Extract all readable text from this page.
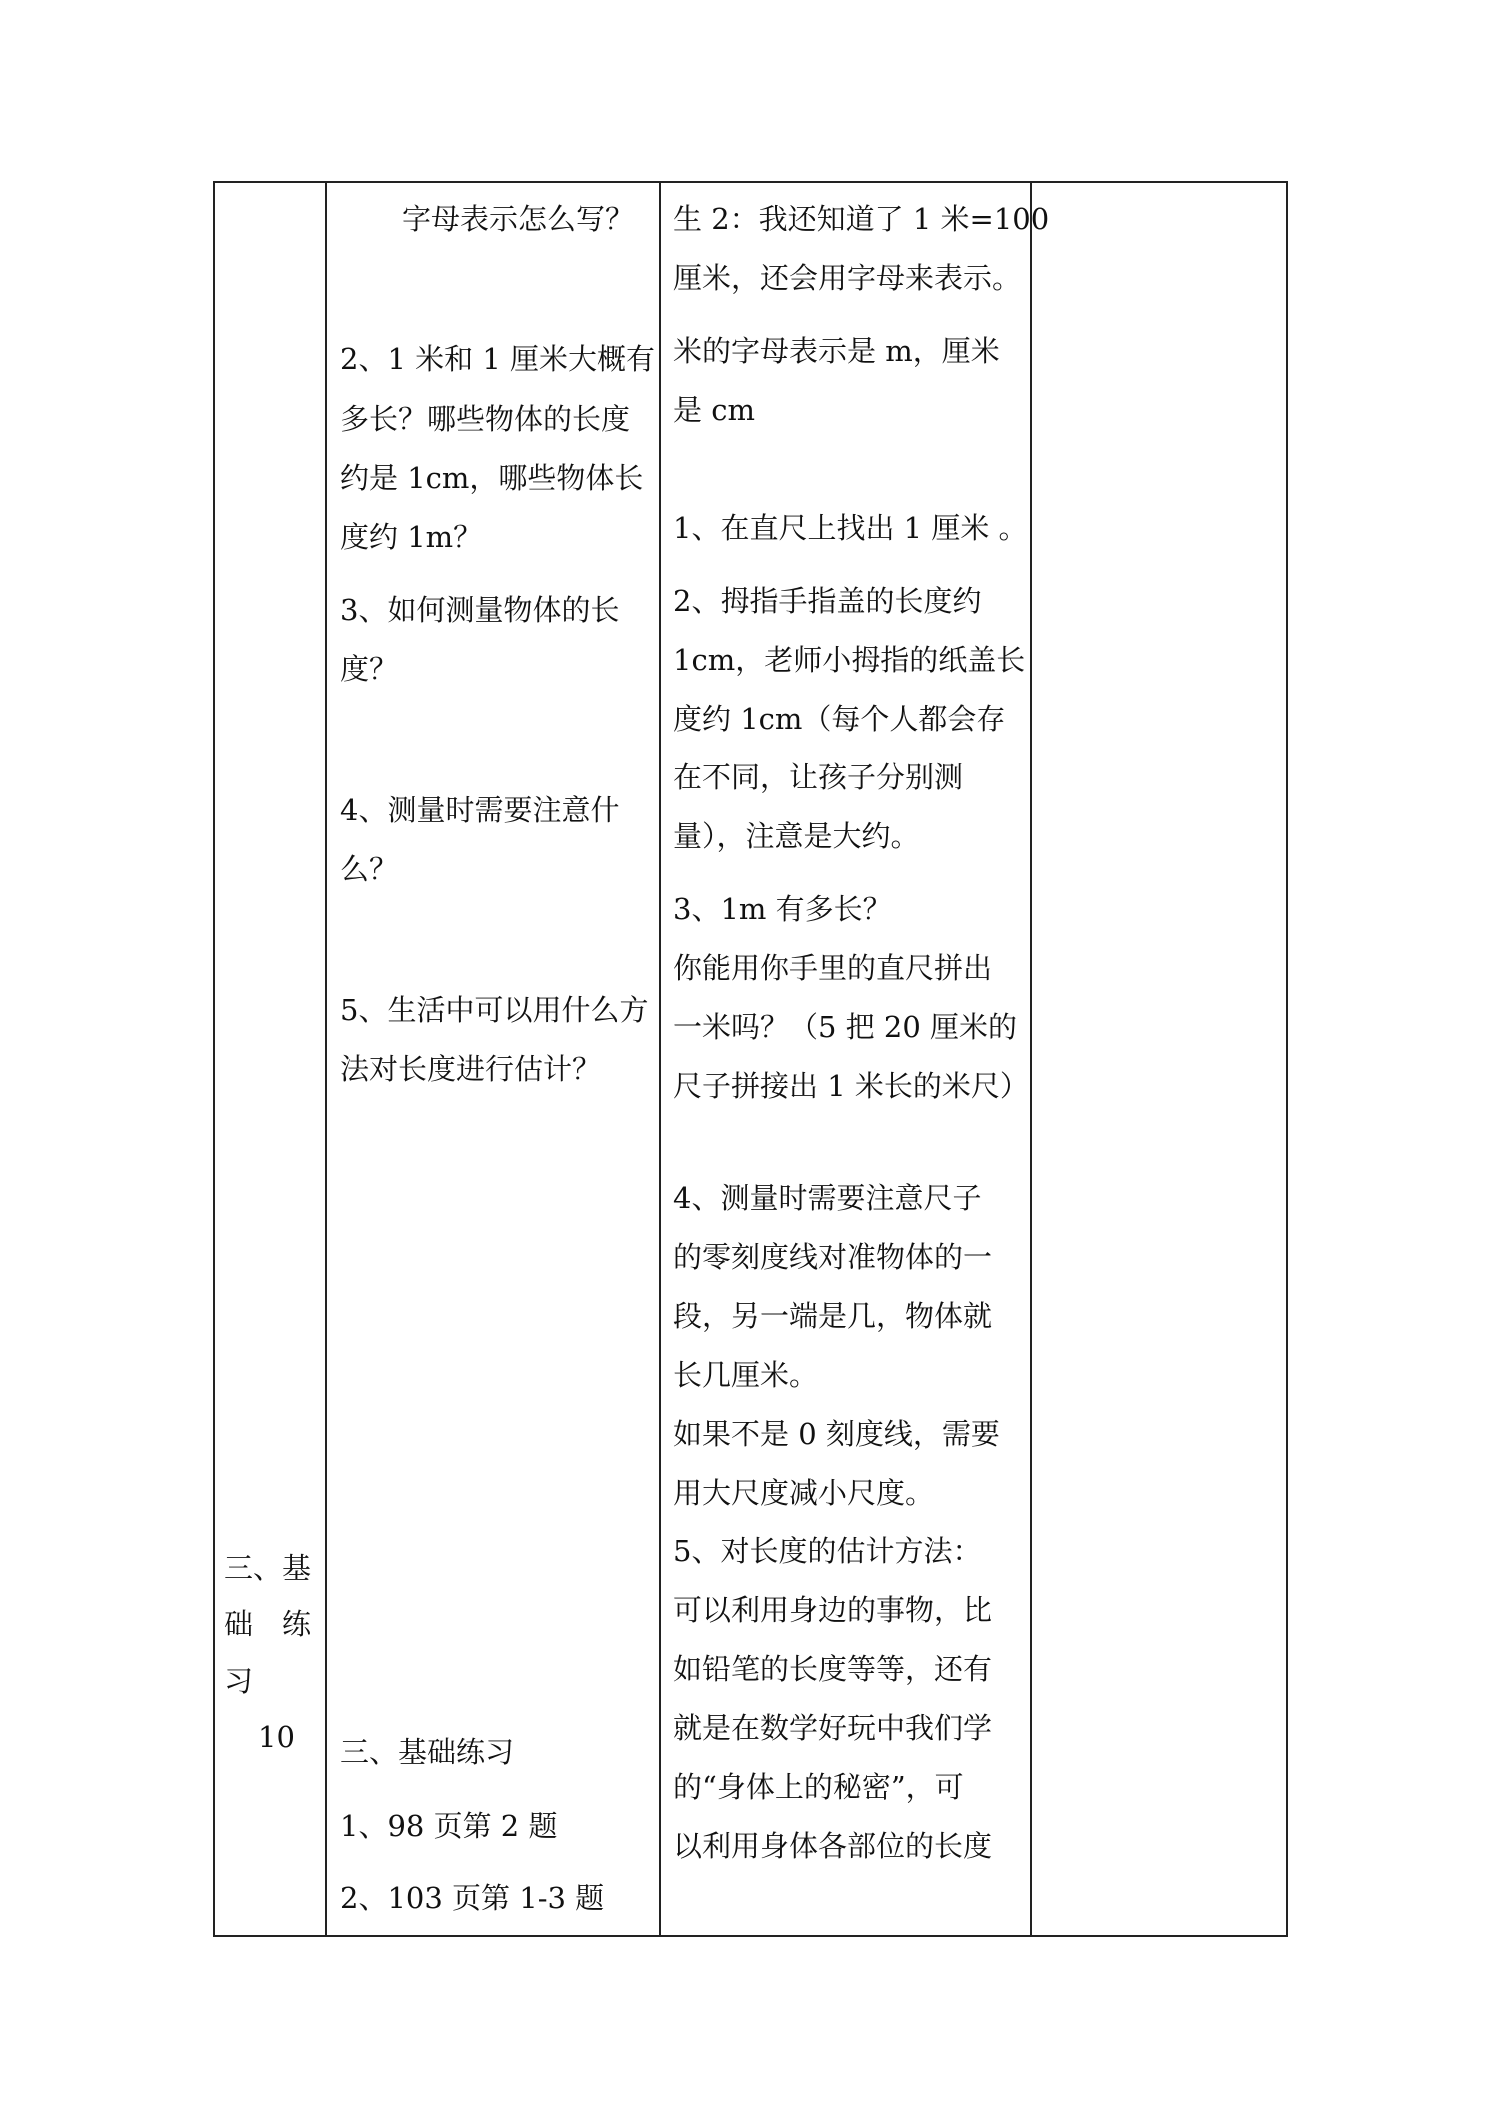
三、基
础　练
习
10
字母表示怎么写？
2、1 米和 1 厘米大概有
多长？哪些物体的长度
约是 1cm，哪些物体长
度约 1m？
3、如何测量物体的长
度？
4、测量时需要注意什
么？
5、生活中可以用什么方
法对长度进行估计？
三、基础练习
1、98 页第 2 题
2、103 页第 1-3 题
生 2：我还知道了 1 米=100
厘米，还会用字母来表示。
米的字母表示是 m，厘米
是 cm
1、在直尺上找出 1 厘米 。
2、拇指手指盖的长度约
1cm，老师小拇指的纸盖长
度约 1cm（每个人都会存
在不同，让孩子分别测
量），注意是大约。
3、1m 有多长？
你能用你手里的直尺拼出
一米吗？（5 把 20 厘米的
尺子拼接出 1 米长的米尺）
4、测量时需要注意尺子
的零刻度线对准物体的一
段，另一端是几，物体就
长几厘米。
如果不是 0 刻度线，需要
用大尺度减小尺度。
5、对长度的估计方法：
可以利用身边的事物，比
如铅笔的长度等等，还有
就是在数学好玩中我们学
的“身体上的秘密”，可
以利用身体各部位的长度
